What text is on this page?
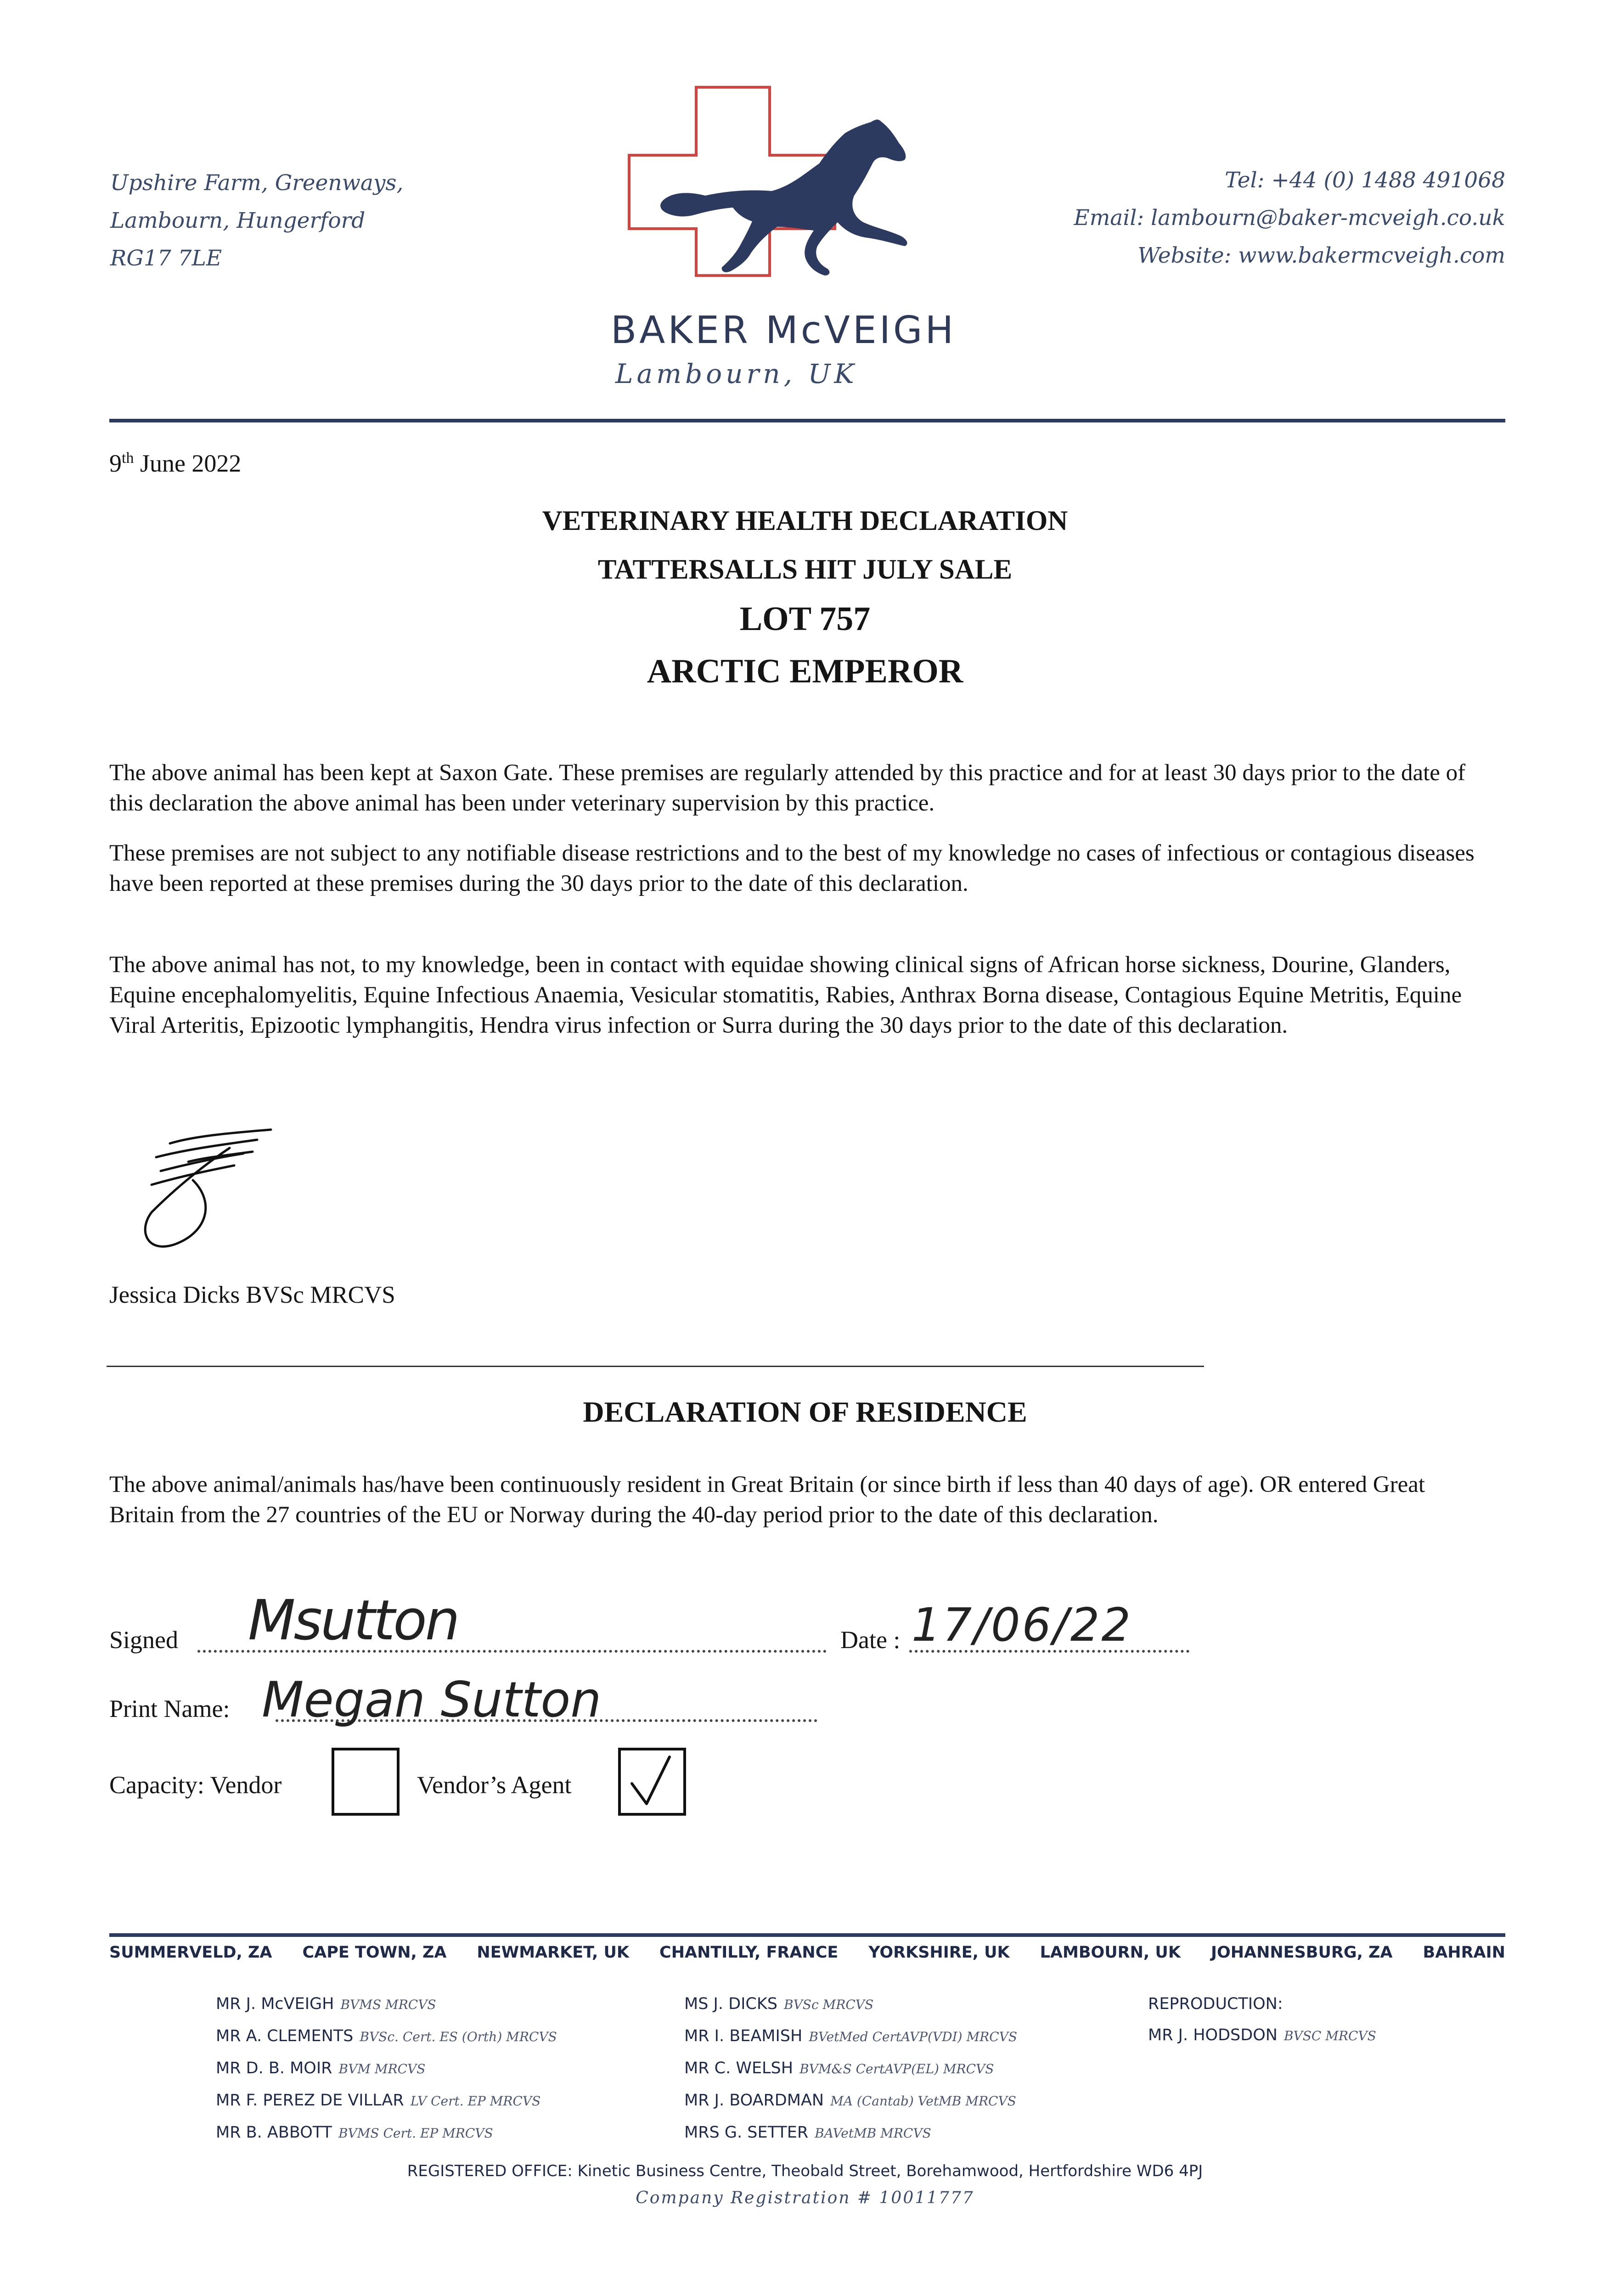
Upshire Farm, Greenways,
Lambourn, Hungerford
RG17 7LE
BAKER McVEIGH
Lambourn, UK
Tel: +44 (0) 1488 491068
Email: lambourn@baker-mcveigh.co.uk
Website: www.bakermcveigh.com
9th June 2022
VETERINARY HEALTH DECLARATION
TATTERSALLS HIT JULY SALE
LOT 757
ARCTIC EMPEROR
The above animal has been kept at Saxon Gate. These premises are regularly attended by this practice and for at least 30 days prior to the date of this declaration the above animal has been under veterinary supervision by this practice.
These premises are not subject to any notifiable disease restrictions and to the best of my knowledge no cases of infectious or contagious diseases have been reported at these premises during the 30 days prior to the date of this declaration.
The above animal has not, to my knowledge, been in contact with equidae showing clinical signs of African horse sickness, Dourine, Glanders, Equine encephalomyelitis, Equine Infectious Anaemia, Vesicular stomatitis, Rabies, Anthrax Borna disease, Contagious Equine Metritis, Equine Viral Arteritis, Epizootic lymphangitis, Hendra virus infection or Surra during the 30 days prior to the date of this declaration.
Jessica Dicks BVSc MRCVS
DECLARATION OF RESIDENCE
The above animal/animals has/have been continuously resident in Great Britain (or since birth if less than 40 days of age). OR entered Great Britain from the 27 countries of the EU or Norway during the 40-day period prior to the date of this declaration.
Signed Msutton	Date : 17/06/22
Print Name: Megan Sutton
Capacity: Vendor	Vendor’s Agent
SUMMERVELD, ZA CAPE TOWN, ZA NEWMARKET, UK CHANTILLY, FRANCE YORKSHIRE, UK LAMBOURN, UK JOHANNESBURG, ZA BAHRAIN
MR J. McVEIGH BVMS MRCVS
MR A. CLEMENTS BVSc. Cert. ES (Orth) MRCVS
MR D. B. MOIR BVM MRCVS
MR F. PEREZ DE VILLAR LV Cert. EP MRCVS
MR B. ABBOTT BVMS Cert. EP MRCVS
MS J. DICKS BVSc MRCVS
MR I. BEAMISH BVetMed CertAVP(VDI) MRCVS
MR C. WELSH BVM&S CertAVP(EL) MRCVS
MR J. BOARDMAN MA (Cantab) VetMB MRCVS
MRS G. SETTER BAVetMB MRCVS
REPRODUCTION:
MR J. HODSDON BVSC MRCVS
REGISTERED OFFICE: Kinetic Business Centre, Theobald Street, Borehamwood, Hertfordshire WD6 4PJ
Company Registration # 10011777
